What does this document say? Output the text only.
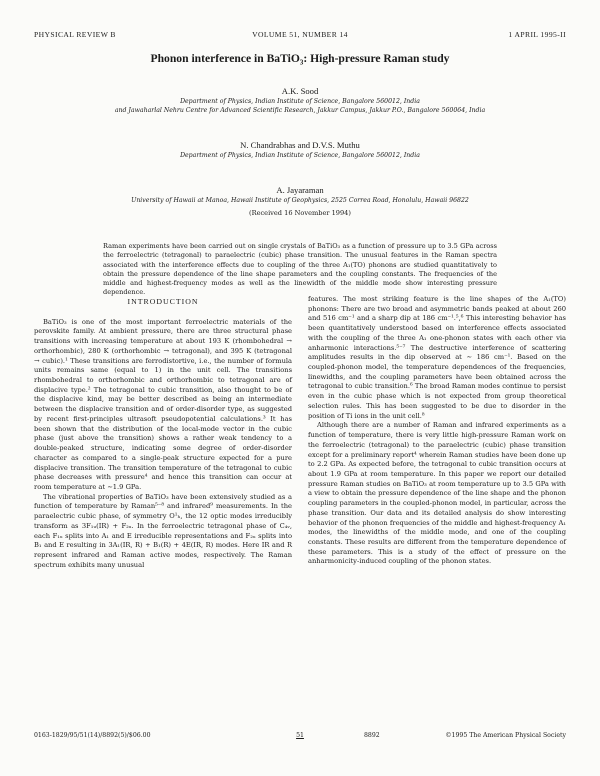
PHYSICAL REVIEW B	VOLUME 51, NUMBER 14	1 APRIL 1995-II
Phonon interference in BaTiO₃: High-pressure Raman study
A.K. Sood
Department of Physics, Indian Institute of Science, Bangalore 560012, India
and Jawaharlal Nehru Centre for Advanced Scientific Research, Jakkur Campus, Jakkur P.O., Bangalore 560064, India
N. Chandrabhas and D.V.S. Muthu
Department of Physics, Indian Institute of Science, Bangalore 560012, India
A. Jayaraman
University of Hawaii at Manoa, Hawaii Institute of Geophysics, 2525 Correa Road, Honolulu, Hawaii 96822
(Received 16 November 1994)

Raman experiments have been carried out on single crystals of BaTiO₃ as a function of pressure up to 3.5 GPa across the ferroelectric (tetragonal) to paraelectric (cubic) phase transition. The unusual features in the Raman spectra associated with the interference effects due to coupling of the three A₁(TO) phonons are studied quantitatively to obtain the pressure dependence of the line shape parameters and the coupling constants. The frequencies of the middle and highest-frequency modes as well as the linewidth of the middle mode show interesting pressure dependence.

INTRODUCTION

BaTiO₃ is one of the most important ferroelectric materials of the perovskite family. At ambient pressure, there are three structural phase transitions with increasing temperature at about 193 K (rhombohedral → orthorhombic), 280 K (orthorhombic → tetragonal), and 395 K (tetragonal → cubic).¹ These transitions are ferrodistortive, i.e., the number of formula units remains same (equal to 1) in the unit cell. The transitions rhombohedral to orthorhombic and orthorhombic to tetragonal are of displacive type.² The tetragonal to cubic transition, also thought to be of the displacive kind, may be better described as being an intermediate between the displacive transition and of order-disorder type, as suggested by recent first-principles ultrasoft pseudopotential calculations.³ It has been shown that the distribution of the local-mode vector in the cubic phase (just above the transition) shows a rather weak tendency to a double-peaked structure, indicating some degree of order-disorder character as compared to a single-peak structure expected for a pure displacive transition. The transition temperature of the tetragonal to cubic phase decreases with pressure⁴ and hence this transition can occur at room temperature at ∼1.9 GPa.

The vibrational properties of BaTiO₃ have been extensively studied as a function of temperature by Raman⁵⁻⁸ and infrared⁹ measurements. In the paraelectric cubic phase, of symmetry O¹ₕ, the 12 optic modes irreducibly transform as 3F₁ᵤ(IR) + F₂ᵤ. In the ferroelectric tetragonal phase of C₄ᵥ, each F₁ᵤ splits into A₁ and E irreducible representations and F₂ᵤ splits into B₁ and E resulting in 3A₁(IR, R) + B₁(R) + 4E(IR, R) modes. Here IR and R represent infrared and Raman active modes, respectively. The Raman spectrum exhibits many unusual

features. The most striking feature is the line shapes of the A₁(TO) phonons: There are two broad and asymmetric bands peaked at about 260 and 516 cm⁻¹ and a sharp dip at 186 cm⁻¹.⁵,⁶ This interesting behavior has been quantitatively understood based on interference effects associated with the coupling of the three A₁ one-phonon states with each other via anharmonic interactions.⁵⁻⁷ The destructive interference of scattering amplitudes results in the dip observed at ∼ 186 cm⁻¹. Based on the coupled-phonon model, the temperature dependences of the frequencies, linewidths, and the coupling parameters have been obtained across the tetragonal to cubic transition.⁶ The broad Raman modes continue to persist even in the cubic phase which is not expected from group theoretical selection rules. This has been suggested to be due to disorder in the position of Ti ions in the unit cell.⁸

Although there are a number of Raman and infrared experiments as a function of temperature, there is very little high-pressure Raman work on the ferroelectric (tetragonal) to the paraelectric (cubic) phase transition except for a preliminary report⁴ wherein Raman studies have been done up to 2.2 GPa. As expected before, the tetragonal to cubic transition occurs at about 1.9 GPa at room temperature. In this paper we report our detailed pressure Raman studies on BaTiO₃ at room temperature up to 3.5 GPa with a view to obtain the pressure dependence of the line shape and the phonon coupling parameters in the coupled-phonon model, in particular, across the phase transition. Our data and its detailed analysis do show interesting behavior of the phonon frequencies of the middle and highest-frequency A₁ modes, the linewidths of the middle mode, and one of the coupling constants. These results are different from the temperature dependence of these parameters. This is a study of the effect of pressure on the anharmonicity-induced coupling of the phonon states.

0163-1829/95/51(14)/8892(5)/$06.00	51	8892	©1995 The American Physical Society
